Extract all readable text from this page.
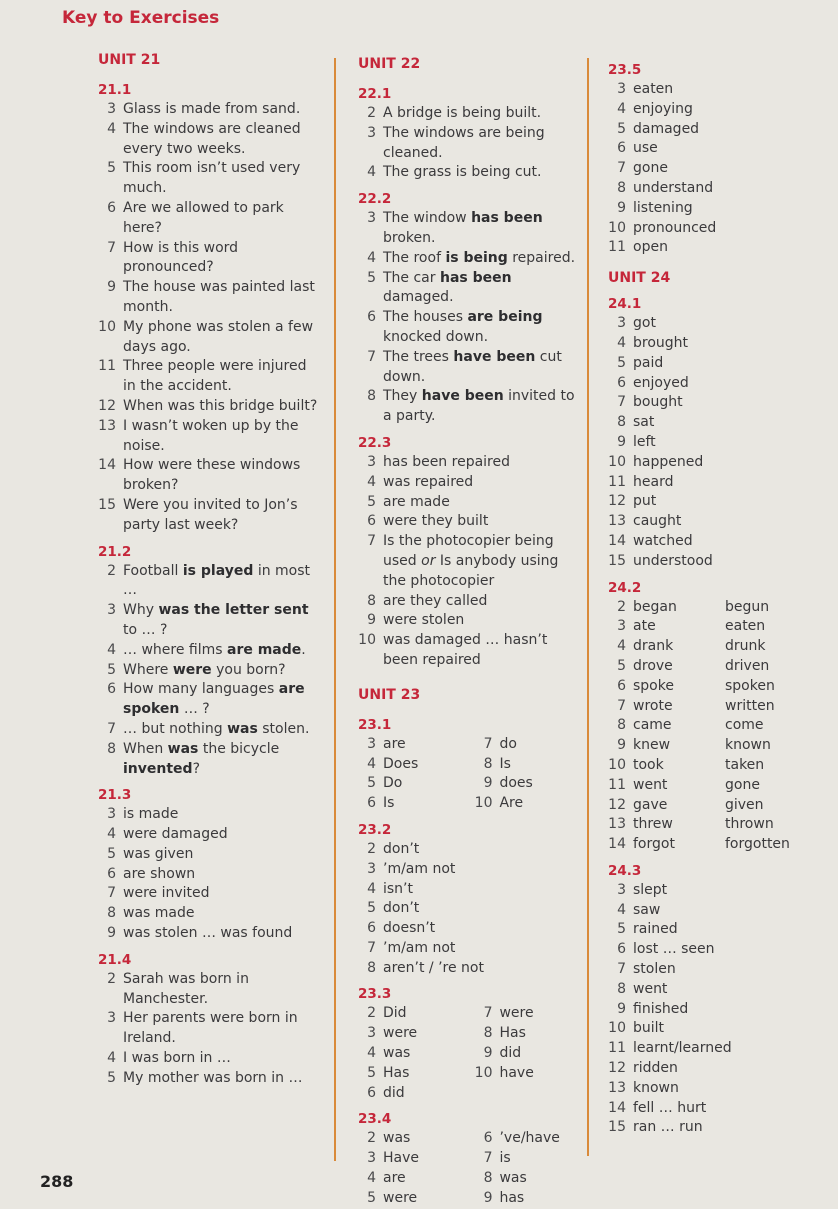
Key to Exercises
UNIT 21
21.1
3 Glass is made from sand.
4 The windows are cleaned every two weeks.
5 This room isn’t used very much.
6 Are we allowed to park here?
7 How is this word pronounced?
9 The house was painted last month.
10 My phone was stolen a few days ago.
11 Three people were injured in the accident.
12 When was this bridge built?
13 I wasn’t woken up by the noise.
14 How were these windows broken?
15 Were you invited to Jon’s party last week?
21.2
2 Football is played in most …
3 Why was the letter sent to … ?
4 … where films are made.
5 Where were you born?
6 How many languages are spoken … ?
7 … but nothing was stolen.
8 When was the bicycle invented?
21.3
3 is made
4 were damaged
5 was given
6 are shown
7 were invited
8 was made
9 was stolen … was found
21.4
2 Sarah was born in Manchester.
3 Her parents were born in Ireland.
4 I was born in …
5 My mother was born in …
UNIT 22
22.1
2 A bridge is being built.
3 The windows are being cleaned.
4 The grass is being cut.
22.2
3 The window has been broken.
4 The roof is being repaired.
5 The car has been damaged.
6 The houses are being knocked down.
7 The trees have been cut down.
8 They have been invited to a party.
22.3
3 has been repaired
4 was repaired
5 are made
6 were they built
7 Is the photocopier being used or Is anybody using the photocopier
8 are they called
9 were stolen
10 was damaged … hasn’t been repaired
UNIT 23
23.1
3 are	7 do
4 Does	8 Is
5 Do	9 does
6 Is	10 Are
23.2
2 don’t
3 ’m/am not
4 isn’t
5 don’t
6 doesn’t
7 ’m/am not
8 aren’t / ’re not
23.3
2 Did	7 were
3 were	8 Has
4 was	9 did
5 Has	10 have
6 did
23.4
2 was	6 ’ve/have
3 Have	7 is
4 are	8 was
5 were	9 has
23.5
3 eaten
4 enjoying
5 damaged
6 use
7 gone
8 understand
9 listening
10 pronounced
11 open
UNIT 24
24.1
3 got
4 brought
5 paid
6 enjoyed
7 bought
8 sat
9 left
10 happened
11 heard
12 put
13 caught
14 watched
15 understood
24.2
2 began	begun
3 ate	eaten
4 drank	drunk
5 drove	driven
6 spoke	spoken
7 wrote	written
8 came	come
9 knew	known
10 took	taken
11 went	gone
12 gave	given
13 threw	thrown
14 forgot	forgotten
24.3
3 slept
4 saw
5 rained
6 lost … seen
7 stolen
8 went
9 finished
10 built
11 learnt/learned
12 ridden
13 known
14 fell … hurt
15 ran … run
288
